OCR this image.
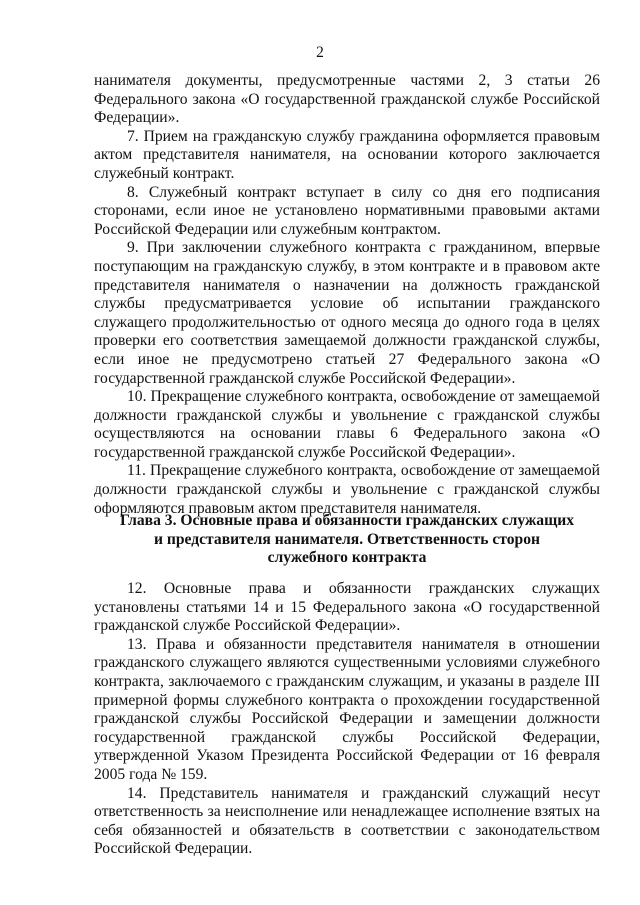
2

нанимателя документы, предусмотренные частями 2, 3 статьи 26 Федерального закона «О государственной гражданской службе Российской Федерации».

7. Прием на гражданскую службу гражданина оформляется правовым актом представителя нанимателя, на основании которого заключается служебный контракт.

8. Служебный контракт вступает в силу со дня его подписания сторонами, если иное не установлено нормативными правовыми актами Российской Федерации или служебным контрактом.

9. При заключении служебного контракта с гражданином, впервые поступающим на гражданскую службу, в этом контракте и в правовом акте представителя нанимателя о назначении на должность гражданской службы предусматривается условие об испытании гражданского служащего продолжительностью от одного месяца до одного года в целях проверки его соответствия замещаемой должности гражданской службы, если иное не предусмотрено статьей 27 Федерального закона «О государственной гражданской службе Российской Федерации».

10. Прекращение служебного контракта, освобождение от замещаемой должности гражданской службы и увольнение с гражданской службы осуществляются на основании главы 6 Федерального закона «О государственной гражданской службе Российской Федерации».

11. Прекращение служебного контракта, освобождение от замещаемой должности гражданской службы и увольнение с гражданской службы оформляются правовым актом представителя нанимателя.

Глава 3. Основные права и обязанности гражданских служащих
и представителя нанимателя. Ответственность сторон
служебного контракта

12. Основные права и обязанности гражданских служащих установлены статьями 14 и 15 Федерального закона «О государственной гражданской службе Российской Федерации».

13. Права и обязанности представителя нанимателя в отношении гражданского служащего являются существенными условиями служебного контракта, заключаемого с гражданским служащим, и указаны в разделе III примерной формы служебного контракта о прохождении государственной гражданской службы Российской Федерации и замещении должности государственной гражданской службы Российской Федерации, утвержденной Указом Президента Российской Федерации от 16 февраля 2005 года № 159.

14. Представитель нанимателя и гражданский служащий несут ответственность за неисполнение или ненадлежащее исполнение взятых на себя обязанностей и обязательств в соответствии с законодательством Российской Федерации.
